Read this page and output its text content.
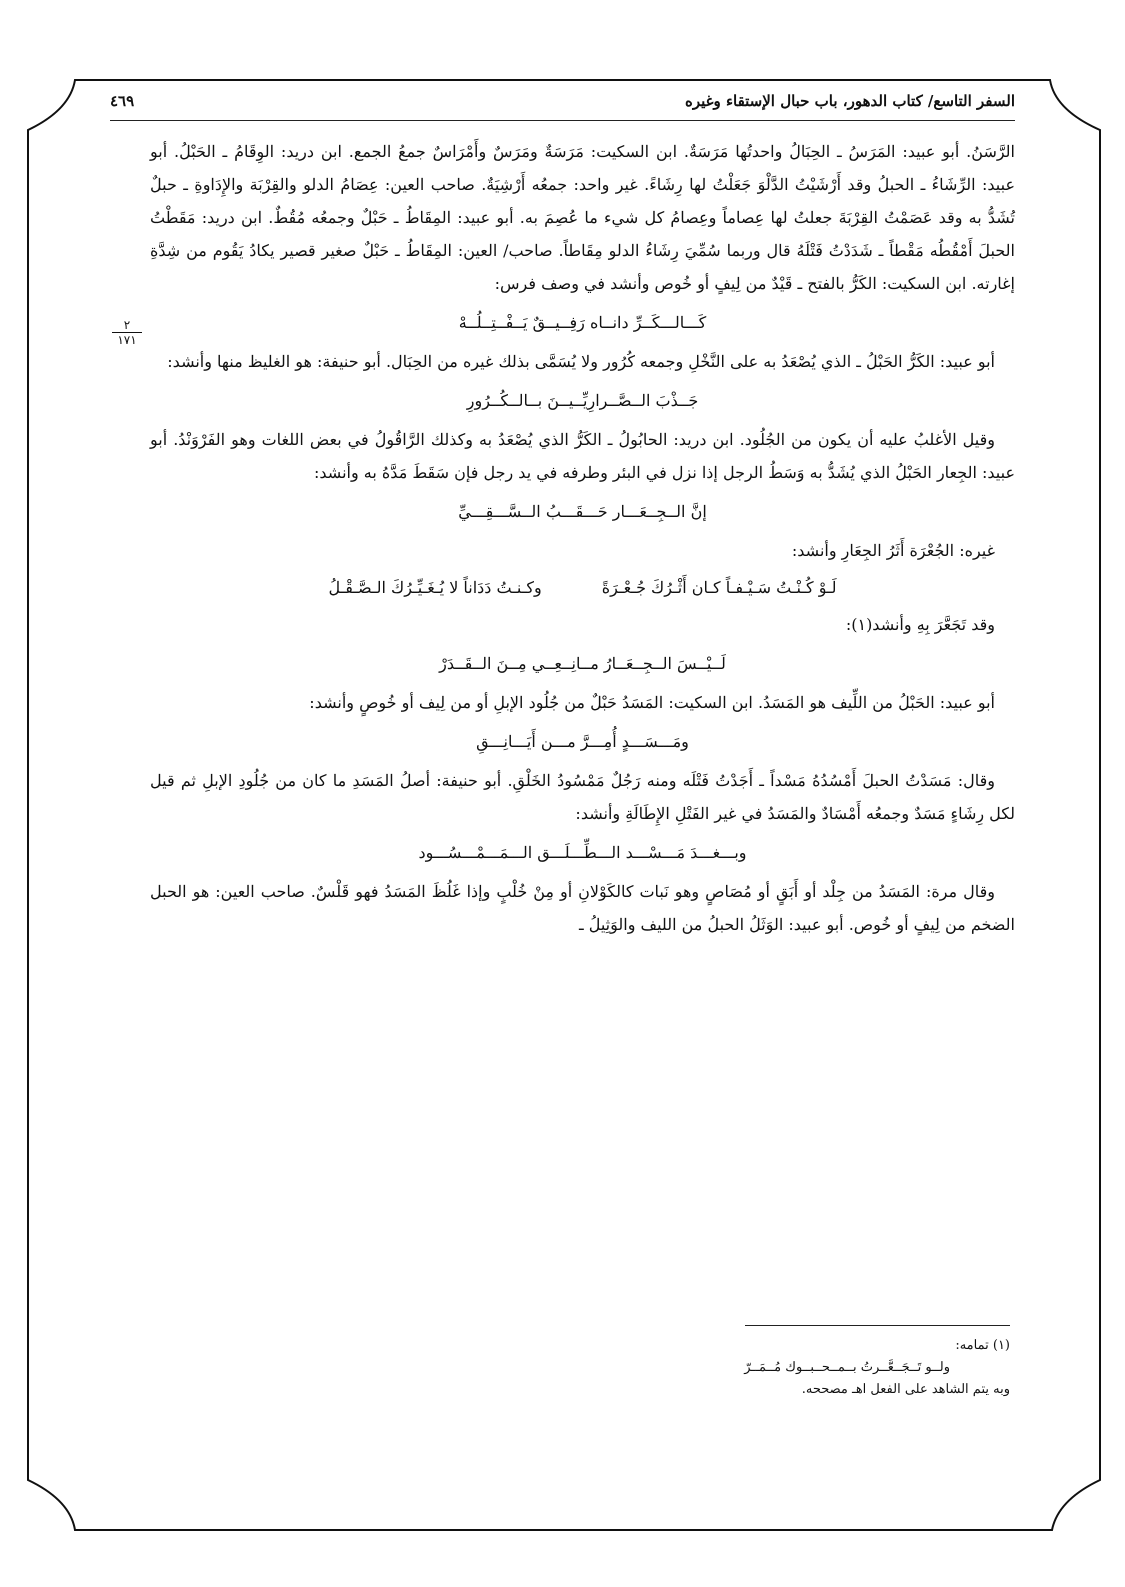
السفر التاسع/ كتاب الدهور، باب حبال الإستقاء وغيره
٤٦٩
٢
١٧١

الرَّسَنُ. أبو عبيد: المَرَسُ ـ الحِبَالُ واحدتُها مَرَسَةٌ. ابن السكيت: مَرَسَةٌ ومَرَسٌ وأَمْرَاسٌ جمعُ الجمع. ابن دريد: الوِقَامُ ـ الحَبْلُ. أبو عبيد: الرِّشَاءُ ـ الحبلُ وقد أَرْشَيْتُ الدَّلْوَ جَعَلْتُ لها رِشَاءً. غير واحد: جمعُه أَرْشِيَةٌ. صاحب العين: عِصَامُ الدلو والقِرْبَة والإِدَاوةِ ـ حبلٌ تُشَدُّ به وقد عَصَمْتُ القِرْبَةَ جعلتُ لها عِصاماً وعِصامُ كل شيء ما عُصِمَ به. أبو عبيد: المِقَاطُ ـ حَبْلٌ وجمعُه مُقُطٌ. ابن دريد: مَقَطْتُ الحبلَ أَمْقُطُه مَقْطاً ـ شَدَدْتُ فَتْلَهُ قال وربما سُمِّيَ رِشَاءُ الدلو مِقَاطاً. صاحب/ العين: المِقَاطُ ـ حَبْلٌ صغير قصير يكادُ يَقُوم من شِدَّةِ إغارته. ابن السكيت: الكَرُّ بالفتح ـ قَيْدٌ من لِيفٍ أو خُوص وأنشد في وصف فرس:

كَـــالـــكَــرِّ دانــاه رَفِــيــقٌ يَــفْــتِــلُــهْ

أبو عبيد: الكَرُّ الحَبْلُ ـ الذي يُصْعَدُ به على النَّخْلِ وجمعه كُرُور ولا يُسَمَّى بذلك غيره من الحِبَال. أبو حنيفة: هو الغليظ منها وأنشد:

جَــذْبَ الــصَّــرارِيِّــيــنَ بــالــكُــرُورِ

وقيل الأغلبُ عليه أن يكون من الجُلُود. ابن دريد: الحابُولُ ـ الكَرُّ الذي يُصْعَدُ به وكذلك الرَّاقُولُ في بعض اللغات وهو الفَرْوَنْدُ. أبو عبيد: الجِعار الحَبْلُ الذي يُشَدُّ به وَسَطُ الرجل إذا نزل في البئر وطرفه في يد رجل فإن سَقَطَ مَدَّهُ به وأنشد:

إنَّ الــجِــعَـــار حَـــقَـــبُ الــسَّـــقِـــيِّ

غيره: الجُعْرَة أَثَرُ الجِعَارِ وأنشد:

لَـوْ كُـنْـتُ سَـيْـفـاً كـان أَثْـرُكَ جُـعْـرَةً
وكـنـتُ دَدَاناً لا يُـغَـيِّـرُكَ الـصَّـقْـلُ

وقد تَجَعَّرَ بِهِ وأنشد(١):

لَــيْــسَ الــجِــعَــارُ مــانِــعِــي مِــنَ الــقَــدَرْ

أبو عبيد: الحَبْلُ من اللِّيف هو المَسَدُ. ابن السكيت: المَسَدُ حَبْلٌ من جُلُود الإبلِ أو من لِيف أو خُوصٍ وأنشد:

ومَـــسَـــدٍ أُمِـــرَّ مـــن أَيَـــانِـــقِ

وقال: مَسَدْتُ الحبلَ أَمْسُدُهُ مَسْداً ـ أَجَدْتُ فَتْلَه ومنه رَجُلٌ مَمْسُودُ الخَلْقِ. أبو حنيفة: أصلُ المَسَدِ ما كان من جُلُودِ الإبلِ ثم قيل لكل رِشَاءٍ مَسَدٌ وجمعُه أَمْسَادٌ والمَسَدُ في غير الفَتْلِ الإِطَالَةِ وأنشد:

وبـــغـــدَ مَـــسْـــد الـــطِّـــلَـــق الـــمَـــمْـــسُـــود

وقال مرة: المَسَدُ من جِلْد أو أَبَقٍ أو مُصَاصٍ وهو نَبات كالكَوْلانِ أو مِنْ خُلْبٍ وإذا غَلُظَ المَسَدُ فهو قَلْسٌ. صاحب العين: هو الحبل الضخم من لِيفٍ أو خُوص. أبو عبيد: الوَثَلُ الحبلُ من الليف والوَثِيلُ ـ

(١) تمامه:
ولــو تَــجَــعَّــرتُ بــمــحــبــوك مُــمَــرّ
وبه يتم الشاهد على الفعل اهـ مصححه.
